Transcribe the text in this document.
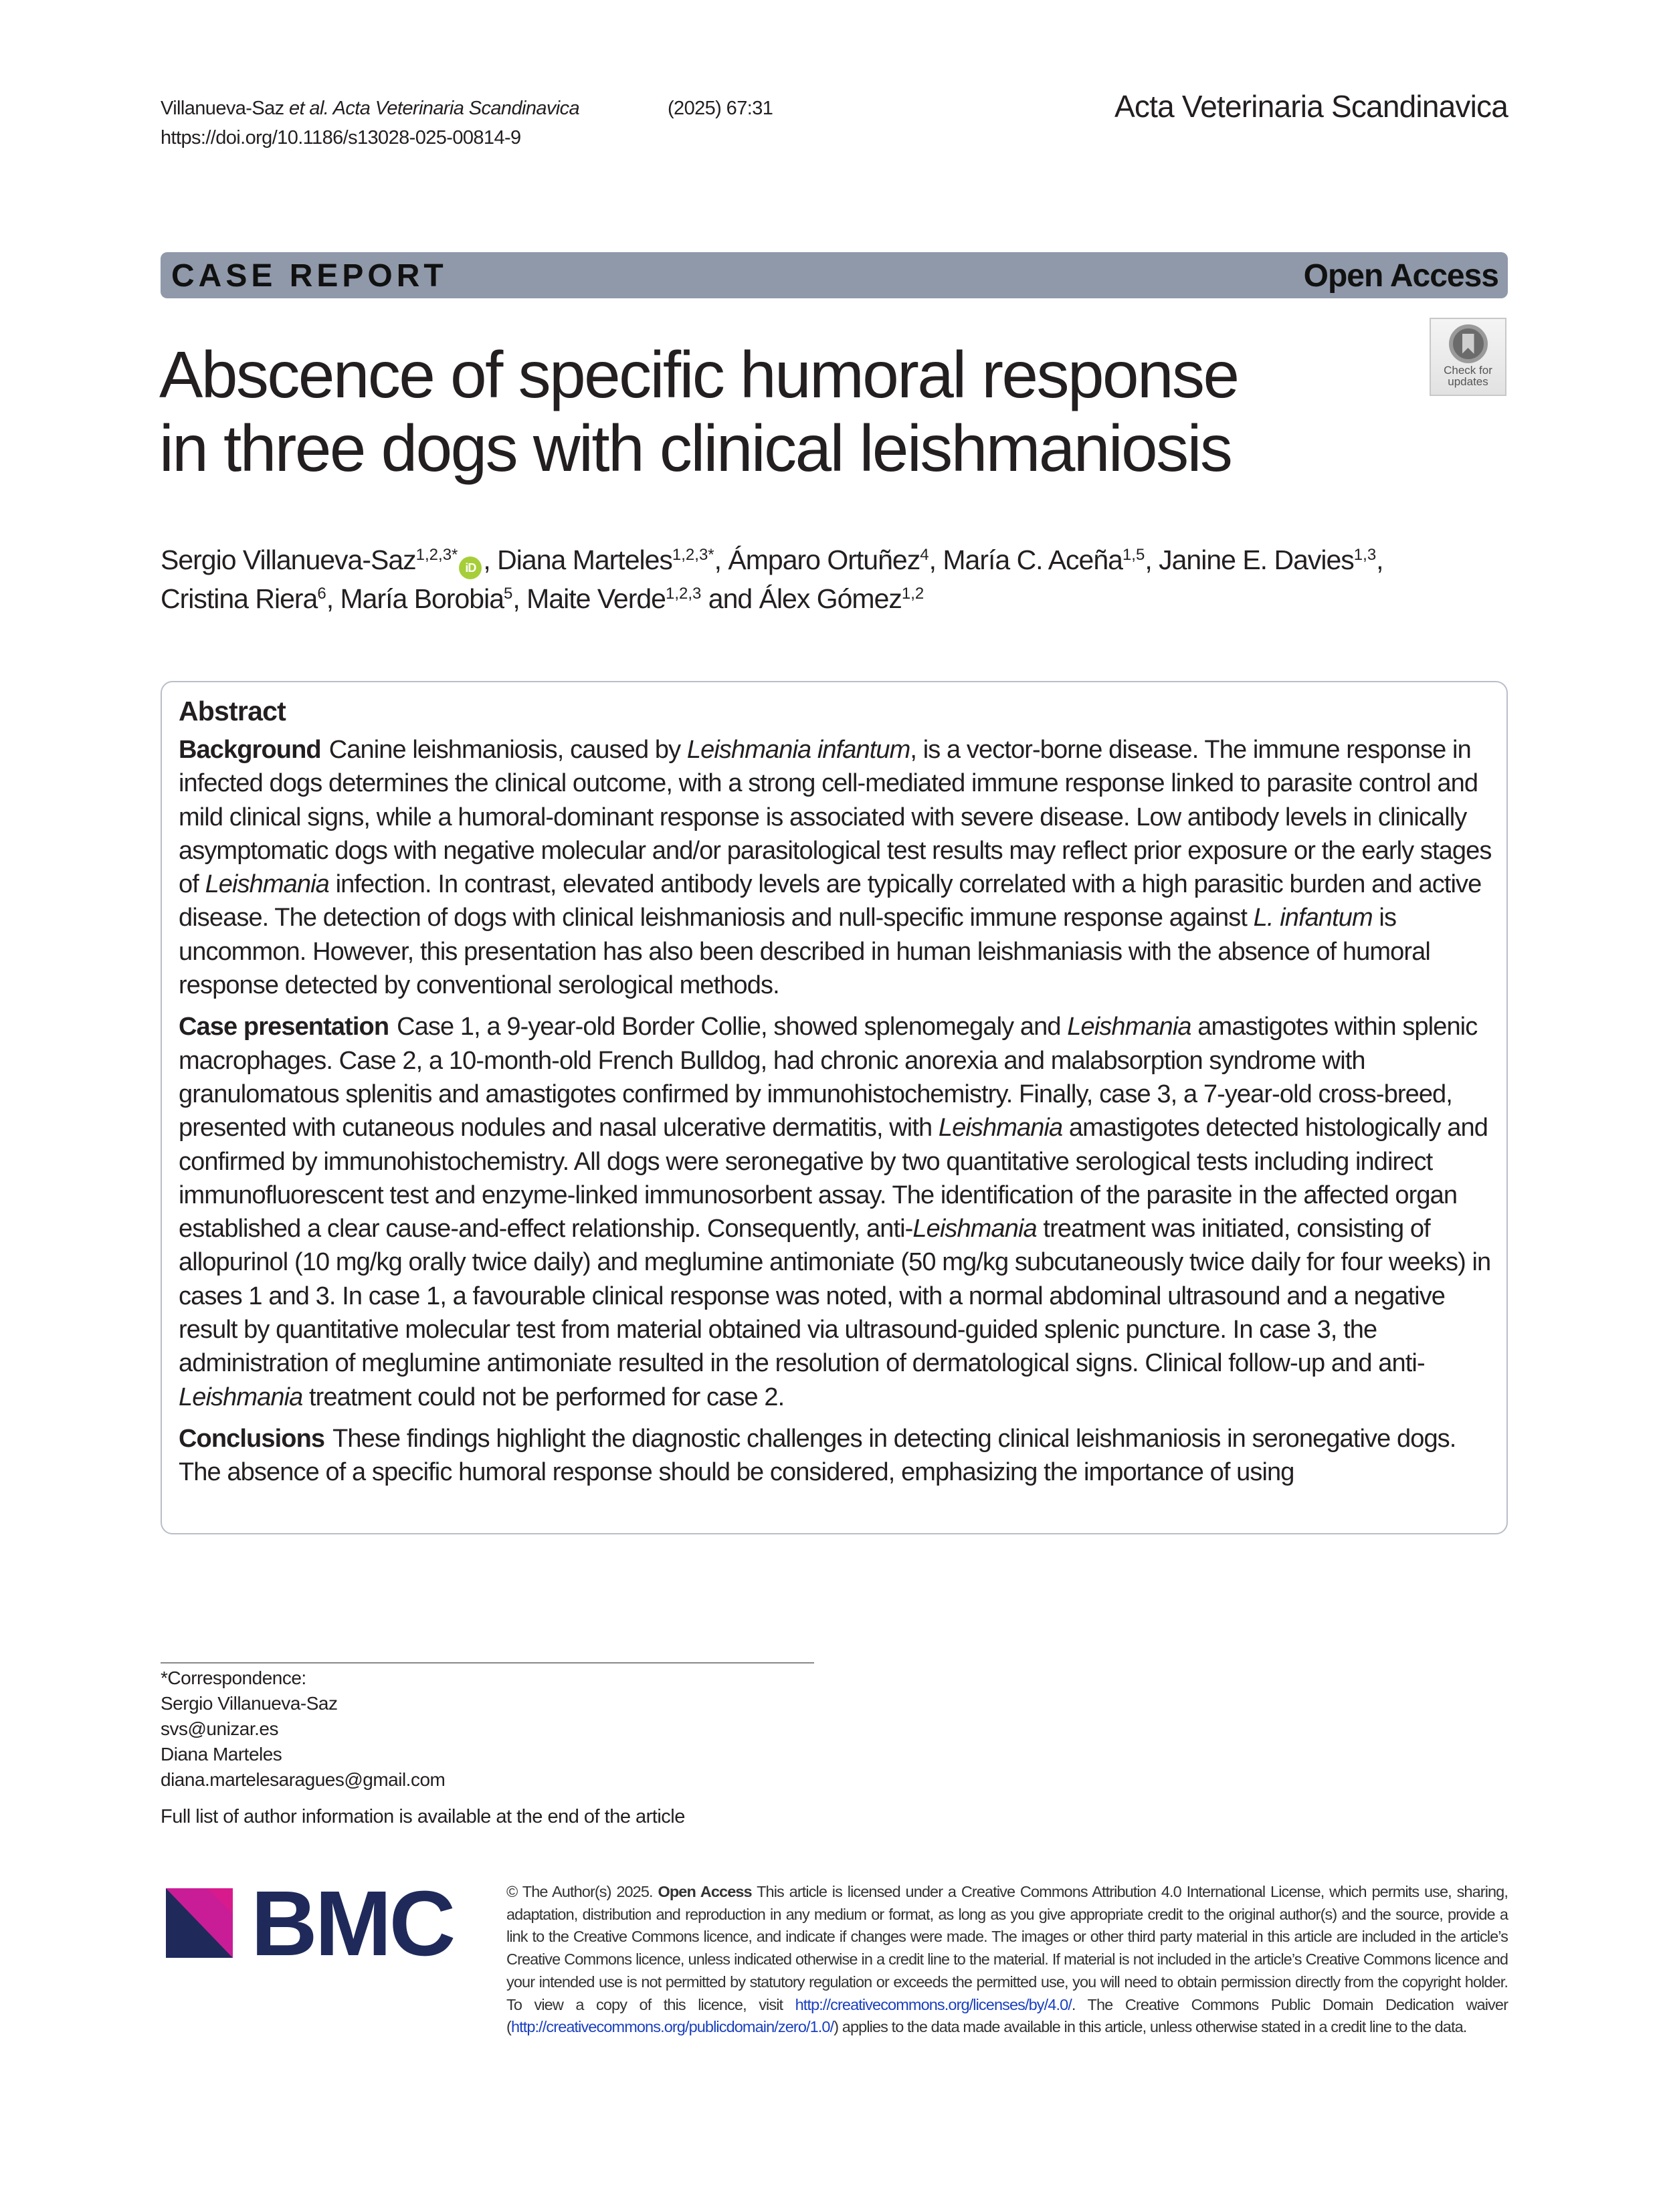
Villanueva-Saz et al. Acta Veterinaria Scandinavica	(2025) 67:31
https://doi.org/10.1186/s13028-025-00814-9
Acta Veterinaria Scandinavica
CASE REPORT	Open Access
Check for
updates
Abscence of specific humoral response
in three dogs with clinical leishmaniosis
Sergio Villanueva-Saz$^{1,2,3*}$iD , Diana Marteles$^{1,2,3*}$, Ámparo Ortuñez$^4$, María C. Aceña$^{1,5}$, Janine E. Davies$^{1,3}$,
Cristina Riera$^6$, María Borobia$^5$, Maite Verde$^{1,2,3}$ and Álex Gómez$^{1,2}$
Abstract

Background Canine leishmaniosis, caused by Leishmania infantum, is a vector-borne disease. The immune response in infected dogs determines the clinical outcome, with a strong cell-mediated immune response linked to parasite control and mild clinical signs, while a humoral-dominant response is associated with severe disease. Low antibody levels in clinically asymptomatic dogs with negative molecular and/or parasitological test results may reflect prior exposure or the early stages of Leishmania infection. In contrast, elevated antibody levels are typically correlated with a high parasitic burden and active disease. The detection of dogs with clinical leishmaniosis and null-specific immune response against L. infantum is uncommon. However, this presentation has also been described in human leishmaniasis with the absence of humoral response detected by conventional serological methods.

Case presentation Case 1, a 9-year-old Border Collie, showed splenomegaly and Leishmania amastigotes within splenic macrophages. Case 2, a 10-month-old French Bulldog, had chronic anorexia and malabsorption syndrome with granulomatous splenitis and amastigotes confirmed by immunohistochemistry. Finally, case 3, a 7-year-old cross-breed, presented with cutaneous nodules and nasal ulcerative dermatitis, with Leishmania amastigotes detected histologically and confirmed by immunohistochemistry. All dogs were seronegative by two quantitative serological tests including indirect immunofluorescent test and enzyme-linked immunosorbent assay. The identification of the parasite in the affected organ established a clear cause-and-effect relationship. Consequently, anti-Leishmania treatment was initiated, consisting of allopurinol (10 mg/kg orally twice daily) and meglumine antimoniate (50 mg/kg subcutaneously twice daily for four weeks) in cases 1 and 3. In case 1, a favourable clinical response was noted, with a normal abdominal ultrasound and a negative result by quantitative molecular test from material obtained via ultrasound-guided splenic puncture. In case 3, the administration of meglumine antimoniate resulted in the resolution of dermatological signs. Clinical follow-up and anti-Leishmania treatment could not be performed for case 2.

Conclusions These findings highlight the diagnostic challenges in detecting clinical leishmaniosis in seronegative dogs. The absence of a specific humoral response should be considered, emphasizing the importance of using

*Correspondence:
Sergio Villanueva-Saz
svs@unizar.es
Diana Marteles
diana.martelesaragues@gmail.com
Full list of author information is available at the end of the article
BMC	© The Author(s) 2025. Open Access This article is licensed under a Creative Commons Attribution 4.0 International License, which permits use, sharing, adaptation, distribution and reproduction in any medium or format, as long as you give appropriate credit to the original author(s) and the source, provide a link to the Creative Commons licence, and indicate if changes were made. The images or other third party material in this article are included in the article’s Creative Commons licence, unless indicated otherwise in a credit line to the material. If material is not included in the article’s Creative Commons licence and your intended use is not permitted by statutory regulation or exceeds the permitted use, you will need to obtain permission directly from the copyright holder. To view a copy of this licence, visit http://creativecommons.org/licenses/by/4.0/. The Creative Commons Public Domain Dedication waiver (http://creativecommons.org/publicdomain/zero/1.0/) applies to the data made available in this article, unless otherwise stated in a credit line to the data.
